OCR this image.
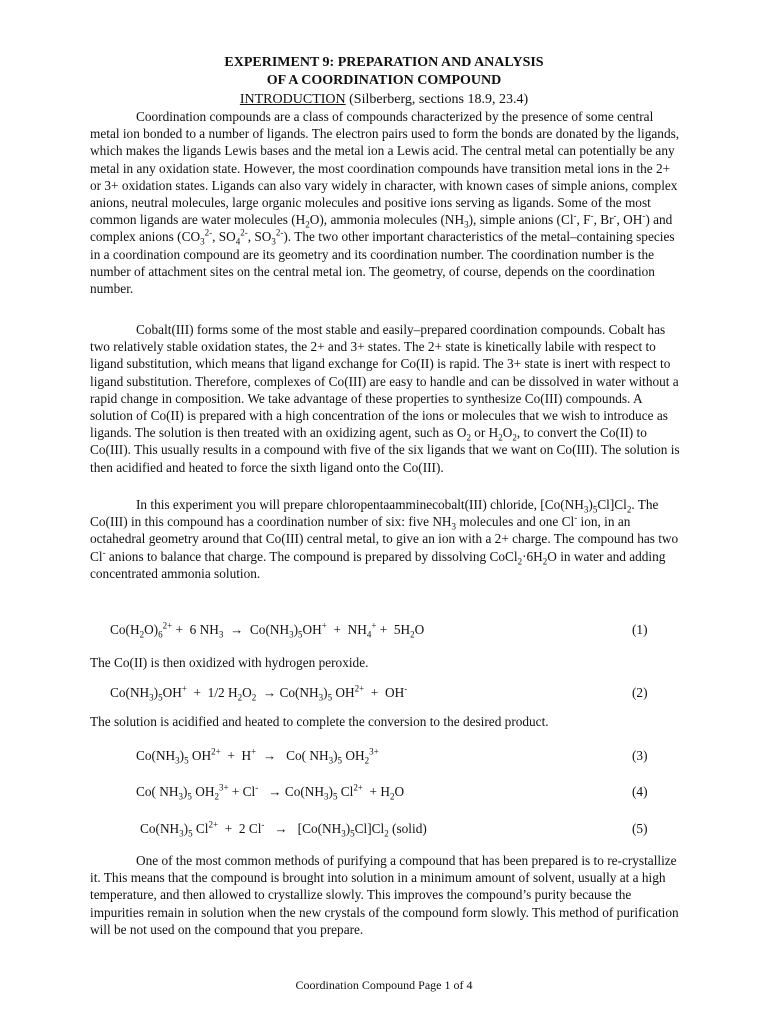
EXPERIMENT 9: PREPARATION AND ANALYSIS
OF A COORDINATION COMPOUND
INTRODUCTION (Silberberg, sections 18.9, 23.4)

Coordination compounds are a class of compounds characterized by the presence of some central metal ion bonded to a number of ligands. The electron pairs used to form the bonds are donated by the ligands, which makes the ligands Lewis bases and the metal ion a Lewis acid. The central metal can potentially be any metal in any oxidation state. However, the most coordination compounds have transition metal ions in the 2+ or 3+ oxidation states. Ligands can also vary widely in character, with known cases of simple anions, complex anions, neutral molecules, large organic molecules and positive ions serving as ligands. Some of the most common ligands are water molecules $(H_2O)$, ammonia molecules $(NH_3)$, simple anions (Cl-, F-, Br-, OH-) and complex anions ($CO_3^{2-}$, $SO_4^{2-}$, $SO_3^{2-}$). The two other important characteristics of the metal–containing species in a coordination compound are its geometry and its coordination number. The coordination number is the number of attachment sites on the central metal ion. The geometry, of course, depends on the coordination number.

Cobalt(III) forms some of the most stable and easily–prepared coordination compounds. Cobalt has two relatively stable oxidation states, the 2+ and 3+ states. The 2+ state is kinetically labile with respect to ligand substitution, which means that ligand exchange for Co(II) is rapid. The 3+ state is inert with respect to ligand substitution. Therefore, complexes of Co(III) are easy to handle and can be dissolved in water without a rapid change in composition. We take advantage of these properties to synthesize Co(III) compounds. A solution of Co(II) is prepared with a high concentration of the ions or molecules that we wish to introduce as ligands. The solution is then treated with an oxidizing agent, such as $O_2$ or $H_2O_2$, to convert the Co(II) to Co(III). This usually results in a compound with five of the six ligands that we want on Co(III). The solution is then acidified and heated to force the sixth ligand onto the Co(III).

In this experiment you will prepare chloropentaamminecobalt(III) chloride, $[Co(NH_3)_5Cl]Cl_2$. The Co(III) in this compound has a coordination number of six: five $NH_3$ molecules and one Cl- ion, in an octahedral geometry around that Co(III) central metal, to give an ion with a 2+ charge. The compound has two Cl- anions to balance that charge. The compound is prepared by dissolving $CoCl_2\cdot 6H_2O$ in water and adding concentrated ammonia solution.

$Co(H_2O)_6^{2+} + 6$ $NH_3 \to Co(NH_3)_5OH^+ + NH_4^+ + 5H_2O$	(1)
The Co(II) is then oxidized with hydrogen peroxide.
$Co(NH_3)_5OH^+ + 1/2$ $H_2O_2 \to Co(NH_3)_5$ $OH^{2+} + OH^-$	(2)
The solution is acidified and heated to complete the conversion to the desired product.
$Co(NH_3)_5$ $OH^{2+} + H^+ \to Co$( $NH_3)_5$ $OH_2^{3+}$	(3)
Co( $NH_3)_5$ $OH_2^{3+} + Cl^- \to Co(NH_3)_5$ $Cl^{2+} + H_2O$	(4)
$Co(NH_3)_5$ $Cl^{2+} + 2$ $Cl^- \to [Co(NH_3)_5Cl]Cl_2$ (solid)	(5)

One of the most common methods of purifying a compound that has been prepared is to re-crystallize it. This means that the compound is brought into solution in a minimum amount of solvent, usually at a high temperature, and then allowed to crystallize slowly. This improves the compound’s purity because the impurities remain in solution when the new crystals of the compound form slowly. This method of purification will be not used on the compound that you prepare.

Coordination Compound Page 1 of 4
